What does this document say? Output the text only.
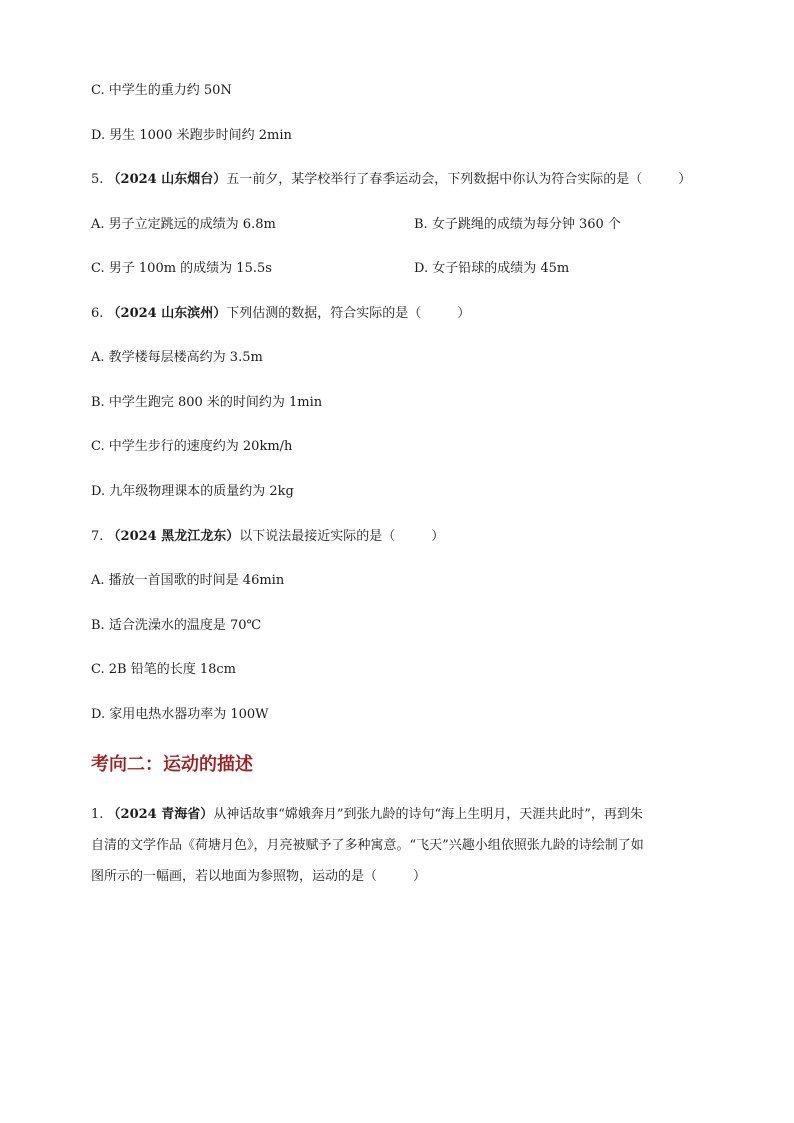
C. 中学生的重力约 50N
D. 男生 1000 米跑步时间约 2min
5. （2024 山东烟台）五一前夕，某学校举行了春季运动会，下列数据中你认为符合实际的是（	）
A. 男子立定跳远的成绩为 6.8m	B. 女子跳绳的成绩为每分钟 360 个
C. 男子 100m 的成绩为 15.5s	D. 女子铅球的成绩为 45m
6. （2024 山东滨州）下列估测的数据，符合实际的是（	）
A. 教学楼每层楼高约为 3.5m
B. 中学生跑完 800 米的时间约为 1min
C. 中学生步行的速度约为 20km/h
D. 九年级物理课本的质量约为 2kg
7. （2024 黑龙江龙东）以下说法最接近实际的是（	）
A. 播放一首国歌的时间是 46min
B. 适合洗澡水的温度是 70℃
C. 2B 铅笔的长度 18cm
D. 家用电热水器功率为 100W
考向二：运动的描述
1. （2024 青海省）从神话故事“嫦娥奔月”到张九龄的诗句“海上生明月，天涯共此时”，再到朱
自清的文学作品《荷塘月色》，月亮被赋予了多种寓意。“飞天”兴趣小组依照张九龄的诗绘制了如
图所示的一幅画，若以地面为参照物，运动的是（	）
